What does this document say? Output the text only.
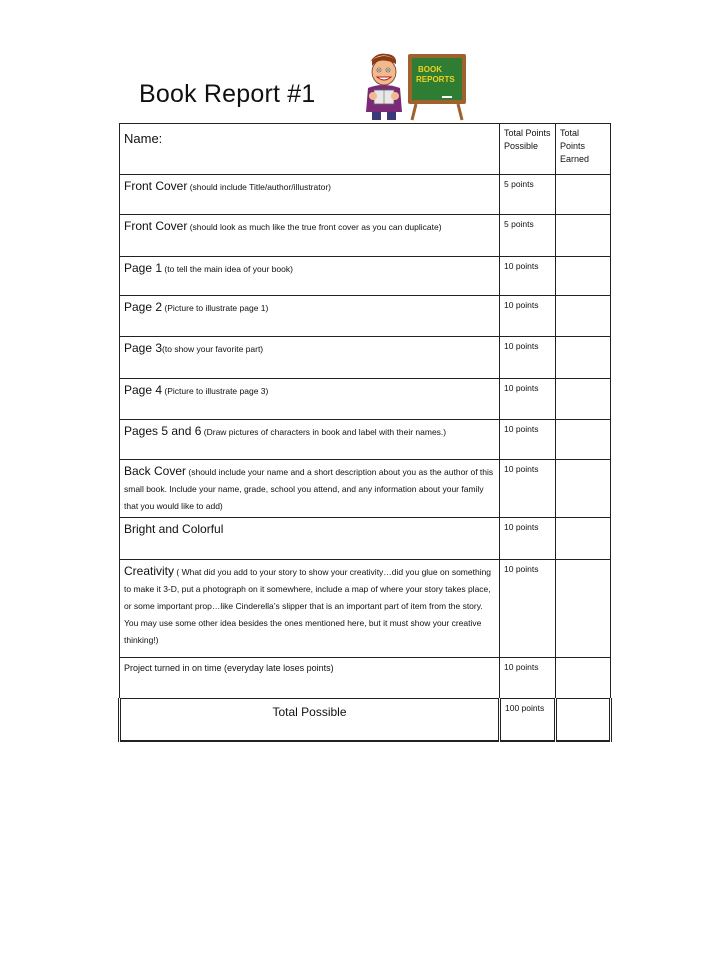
Book Report #1
BOOK
REPORTS
Name:	Total Points Possible	Total Points Earned
Front Cover (should include Title/author/illustrator)	5 points	
Front Cover (should look as much like the true front cover as you can duplicate)	5 points	
Page 1 (to tell the main idea of your book)	10 points	
Page 2 (Picture to illustrate page 1)	10 points	
Page 3(to show your favorite part)	10 points	
Page 4 (Picture to illustrate page 3)	10 points	
Pages 5 and 6 (Draw pictures of characters in book and label with their names.)	10 points	
Back Cover (should include your name and a short description about you as the author of this small book. Include your name, grade, school you attend, and any information about your family that you would like to add)	10 points	
Bright and Colorful	10 points	
Creativity ( What did you add to your story to show your creativity…did you glue on something to make it 3-D, put a photograph on it somewhere, include a map of where your story takes place, or some important prop…like Cinderella’s slipper that is an important part of item from the story. You may use some other idea besides the ones mentioned here, but it must show your creative thinking!)	10 points	
Project turned in on time (everyday late loses points)	10 points	
Total Possible	100 points	
